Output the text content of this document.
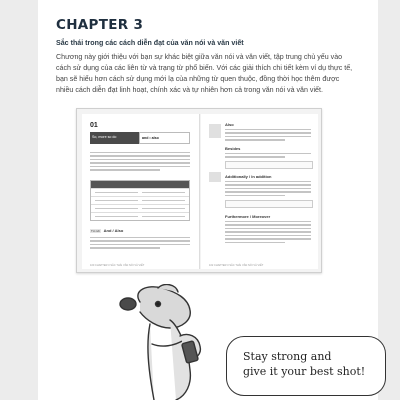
CHAPTER 3
Sắc thái trong các cách diễn đạt của văn nói và văn viết
Chương này giới thiệu với bạn sự khác biệt giữa văn nói và văn viết, tập trung chủ yếu vào cách sử dụng của các liên từ và trạng từ phổ biến. Với các giải thích chi tiết kèm ví dụ thực tế, bạn sẽ hiểu hơn cách sử dụng mới lạ của những từ quen thuộc, đồng thời học thêm được nhiều cách diễn đạt linh hoạt, chính xác và tự nhiên hơn cả trong văn nói và văn viết.
01
So, more so do	and • also
Từ nối And / Also
100 CHAPTER 3 SẮC THÁI VĂN NÓI VÀ VIẾT
Also
Besides
Additionally / In addition
Furthermore / Moreover
102 CHAPTER 3 SẮC THÁI VĂN NÓI VÀ VIẾT
Stay strong and
give it your best shot!
